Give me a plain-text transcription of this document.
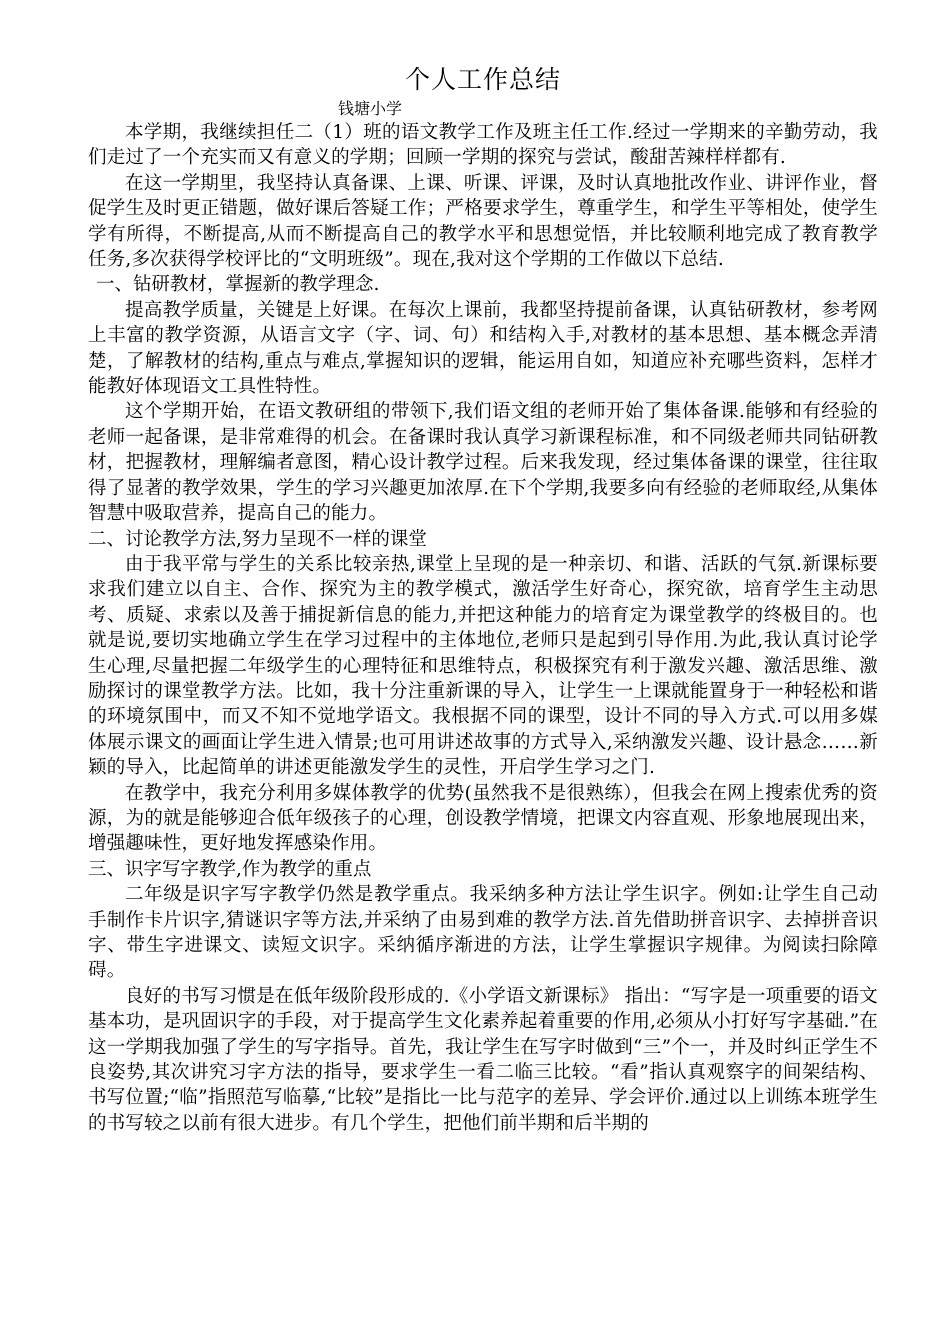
个人工作总结
钱塘小学

本学期，我继续担任二（1）班的语文教学工作及班主任工作.经过一学期来的辛勤劳动，我们走过了一个充实而又有意义的学期；回顾一学期的探究与尝试，酸甜苦辣样样都有.

在这一学期里，我坚持认真备课、上课、听课、评课，及时认真地批改作业、讲评作业，督促学生及时更正错题，做好课后答疑工作；严格要求学生，尊重学生，和学生平等相处，使学生学有所得，不断提高,从而不断提高自己的教学水平和思想觉悟，并比较顺利地完成了教育教学任务,多次获得学校评比的“文明班级”。现在,我对这个学期的工作做以下总结.

一、钻研教材，掌握新的教学理念.

提高教学质量，关键是上好课。在每次上课前，我都坚持提前备课，认真钻研教材，参考网上丰富的教学资源，从语言文字（字、词、句）和结构入手,对教材的基本思想、基本概念弄清楚，了解教材的结构,重点与难点,掌握知识的逻辑，能运用自如，知道应补充哪些资料，怎样才能教好体现语文工具性特性。

这个学期开始，在语文教研组的带领下,我们语文组的老师开始了集体备课.能够和有经验的老师一起备课，是非常难得的机会。在备课时我认真学习新课程标准，和不同级老师共同钻研教材，把握教材，理解编者意图，精心设计教学过程。后来我发现，经过集体备课的课堂，往往取得了显著的教学效果，学生的学习兴趣更加浓厚.在下个学期,我要多向有经验的老师取经,从集体智慧中吸取营养，提高自己的能力。

二、讨论教学方法,努力呈现不一样的课堂

由于我平常与学生的关系比较亲热,课堂上呈现的是一种亲切、和谐、活跃的气氛.新课标要求我们建立以自主、合作、探究为主的教学模式，激活学生好奇心，探究欲，培育学生主动思考、质疑、求索以及善于捕捉新信息的能力,并把这种能力的培育定为课堂教学的终极目的。也就是说,要切实地确立学生在学习过程中的主体地位,老师只是起到引导作用.为此,我认真讨论学生心理,尽量把握二年级学生的心理特征和思维特点，积极探究有利于激发兴趣、激活思维、激励探讨的课堂教学方法。比如，我十分注重新课的导入，让学生一上课就能置身于一种轻松和谐的环境氛围中，而又不知不觉地学语文。我根据不同的课型，设计不同的导入方式.可以用多媒体展示课文的画面让学生进入情景;也可用讲述故事的方式导入,采纳激发兴趣、设计悬念……新颖的导入，比起简单的讲述更能激发学生的灵性，开启学生学习之门.

在教学中，我充分利用多媒体教学的优势(虽然我不是很熟练），但我会在网上搜索优秀的资源，为的就是能够迎合低年级孩子的心理，创设教学情境，把课文内容直观、形象地展现出来，增强趣味性，更好地发挥感染作用。

三、识字写字教学,作为教学的重点

二年级是识字写字教学仍然是教学重点。我采纳多种方法让学生识字。例如:让学生自己动手制作卡片识字,猜谜识字等方法,并采纳了由易到难的教学方法.首先借助拼音识字、去掉拼音识字、带生字进课文、读短文识字。采纳循序渐进的方法，让学生掌握识字规律。为阅读扫除障碍。

良好的书写习惯是在低年级阶段形成的.《小学语文新课标》 指出：“写字是一项重要的语文基本功，是巩固识字的手段，对于提高学生文化素养起着重要的作用,必须从小打好写字基础.”在这一学期我加强了学生的写字指导。首先，我让学生在写字时做到“三”个一，并及时纠正学生不良姿势,其次讲究习字方法的指导，要求学生一看二临三比较。“看”指认真观察字的间架结构、书写位置;“临”指照范写临摹,“比较”是指比一比与范字的差异、学会评价.通过以上训练本班学生的书写较之以前有很大进步。有几个学生，把他们前半期和后半期的
